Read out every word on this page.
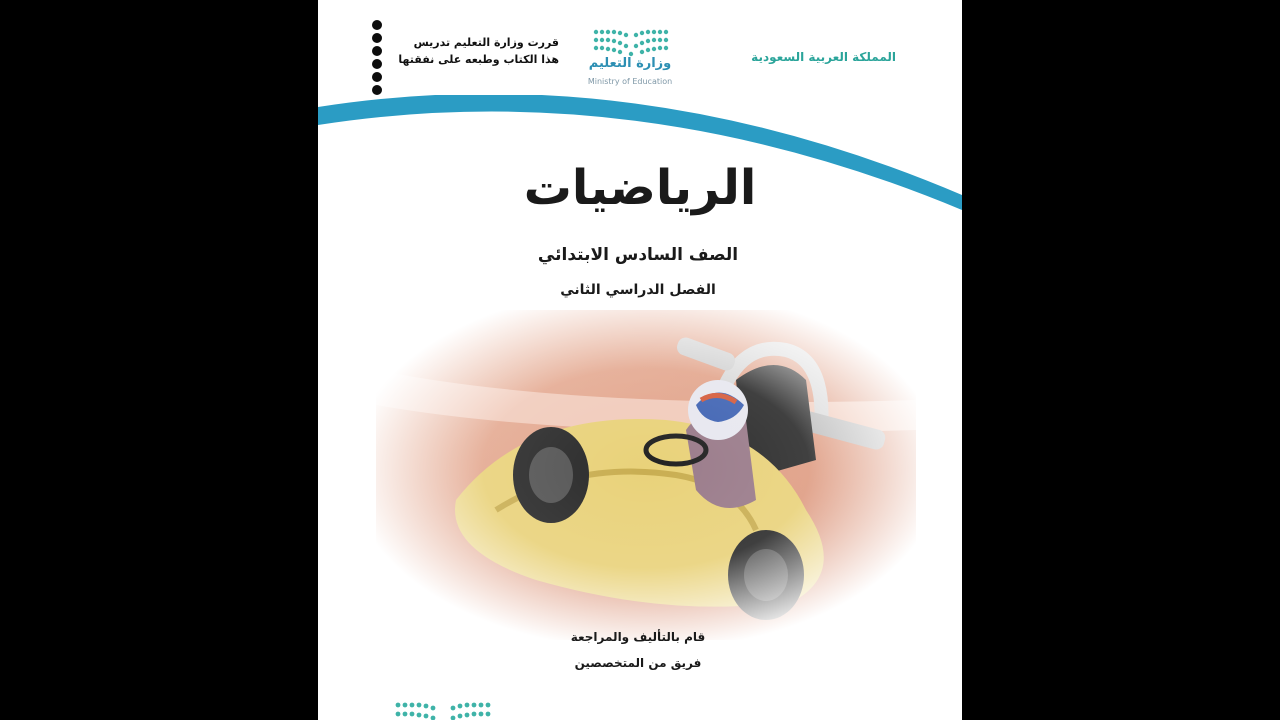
المملكة العربية السعودية
وزارة التعليم
Ministry of Education
قررت وزارة التعليم تدريس
هذا الكتاب وطبعه على نفقتها
الرياضيات
الصف السادس الابتدائي
الفصل الدراسي الثاني
قام بالتأليف والمراجعة
فريق من المتخصصين
